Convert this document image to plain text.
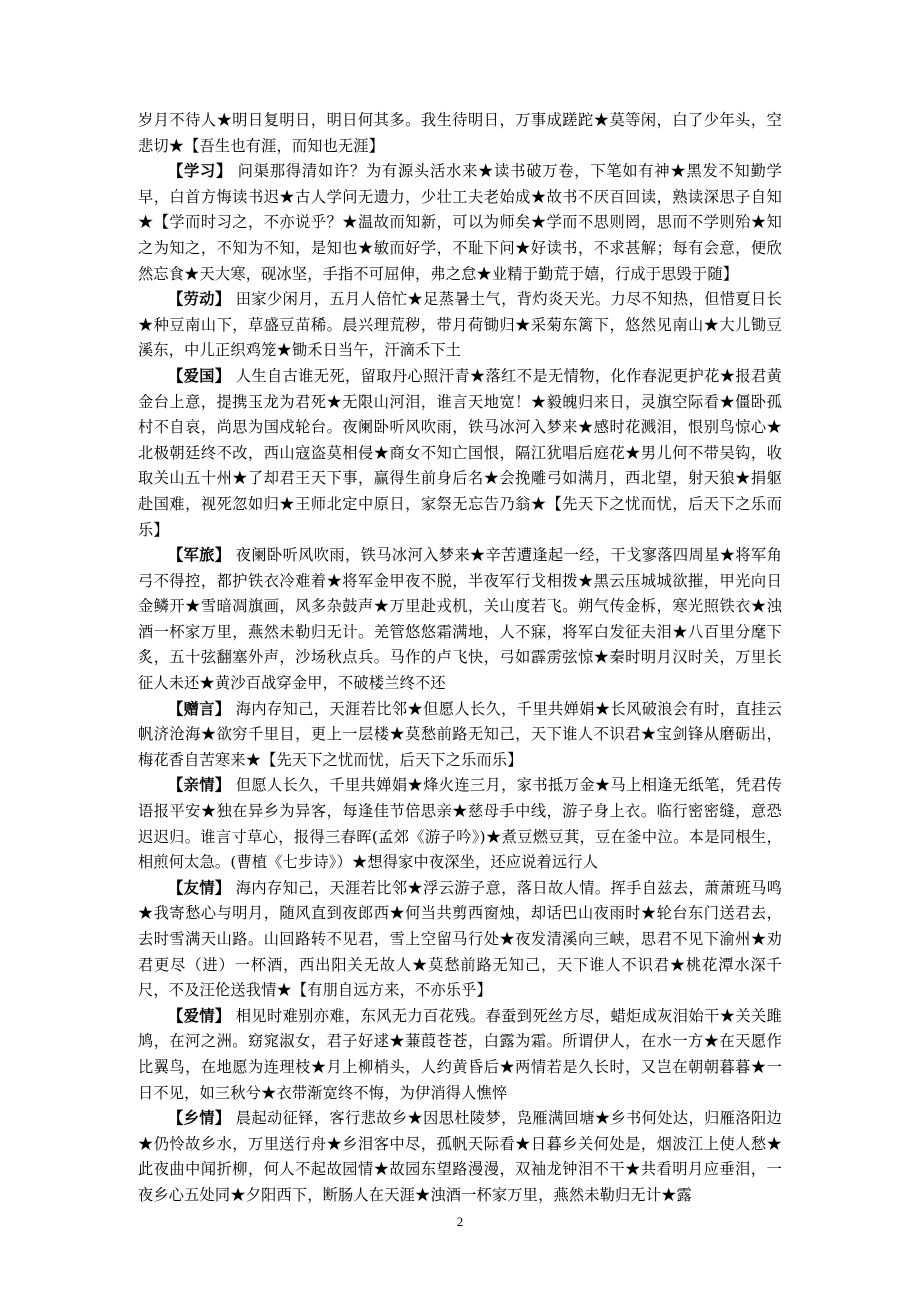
岁月不待人★明日复明日，明日何其多。我生待明日，万事成蹉跎★莫等闲，白了少年头，空悲切★【吾生也有涯，而知也无涯】

【学习】 问渠那得清如许？为有源头活水来★读书破万卷，下笔如有神★黑发不知勤学早，白首方悔读书迟★古人学问无遗力，少壮工夫老始成★故书不厌百回读，熟读深思子自知★【学而时习之，不亦说乎？★温故而知新，可以为师矣★学而不思则罔，思而不学则殆★知之为知之，不知为不知，是知也★敏而好学，不耻下问★好读书，不求甚解；每有会意，便欣然忘食★天大寒，砚冰坚，手指不可屈伸，弗之怠★业精于勤荒于嬉，行成于思毁于随】

【劳动】 田家少闲月，五月人倍忙★足蒸暑土气，背灼炎天光。力尽不知热，但惜夏日长★种豆南山下，草盛豆苗稀。晨兴理荒秽，带月荷锄归★采菊东篱下，悠然见南山★大儿锄豆溪东，中儿正织鸡笼★锄禾日当午，汗滴禾下土

【爱国】 人生自古谁无死，留取丹心照汗青★落红不是无情物，化作春泥更护花★报君黄金台上意，提携玉龙为君死★无限山河泪，谁言天地宽！★毅魄归来日，灵旗空际看★僵卧孤村不自哀，尚思为国戍轮台。夜阑卧听风吹雨，铁马冰河入梦来★感时花溅泪，恨别鸟惊心★北极朝廷终不改，西山寇盗莫相侵★商女不知亡国恨，隔江犹唱后庭花★男儿何不带吴钩，收取关山五十州★了却君王天下事，赢得生前身后名★会挽雕弓如满月，西北望，射天狼★捐躯赴国难，视死忽如归★王师北定中原日，家祭无忘告乃翁★【先天下之忧而忧，后天下之乐而乐】

【军旅】 夜阑卧听风吹雨，铁马冰河入梦来★辛苦遭逢起一经，干戈寥落四周星★将军角弓不得控，都护铁衣冷难着★将军金甲夜不脱，半夜军行戈相拨★黑云压城城欲摧，甲光向日金鳞开★雪暗凋旗画，风多杂鼓声★万里赴戎机，关山度若飞。朔气传金柝，寒光照铁衣★浊酒一杯家万里，燕然未勒归无计。羌管悠悠霜满地，人不寐，将军白发征夫泪★八百里分麾下炙，五十弦翻塞外声，沙场秋点兵。马作的卢飞快，弓如霹雳弦惊★秦时明月汉时关，万里长征人未还★黄沙百战穿金甲，不破楼兰终不还

【赠言】 海内存知己，天涯若比邻★但愿人长久，千里共婵娟★长风破浪会有时，直挂云帆济沧海★欲穷千里目，更上一层楼★莫愁前路无知己，天下谁人不识君★宝剑锋从磨砺出，梅花香自苦寒来★【先天下之忧而忧，后天下之乐而乐】

【亲情】 但愿人长久，千里共婵娟★烽火连三月，家书抵万金★马上相逢无纸笔，凭君传语报平安★独在异乡为异客，每逢佳节倍思亲★慈母手中线，游子身上衣。临行密密缝，意恐迟迟归。谁言寸草心，报得三春晖(孟郊《游子吟》)★煮豆燃豆萁，豆在釜中泣。本是同根生，相煎何太急。(曹植《七步诗》）★想得家中夜深坐，还应说着远行人

【友情】 海内存知己，天涯若比邻★浮云游子意，落日故人情。挥手自兹去，萧萧班马鸣★我寄愁心与明月，随风直到夜郎西★何当共剪西窗烛，却话巴山夜雨时★轮台东门送君去，去时雪满天山路。山回路转不见君，雪上空留马行处★夜发清溪向三峡，思君不见下渝州★劝君更尽（进）一杯酒，西出阳关无故人★莫愁前路无知己，天下谁人不识君★桃花潭水深千尺，不及汪伦送我情★【有朋自远方来，不亦乐乎】

【爱情】 相见时难别亦难，东风无力百花残。春蚕到死丝方尽，蜡炬成灰泪始干★关关雎鸠，在河之洲。窈窕淑女，君子好逑★蒹葭苍苍，白露为霜。所谓伊人，在水一方★在天愿作比翼鸟，在地愿为连理枝★月上柳梢头，人约黄昏后★两情若是久长时，又岂在朝朝暮暮★一日不见，如三秋兮★衣带渐宽终不悔，为伊消得人憔悴

【乡情】 晨起动征铎，客行悲故乡★因思杜陵梦，凫雁满回塘★乡书何处达，归雁洛阳边★仍怜故乡水，万里送行舟★乡泪客中尽，孤帆天际看★日暮乡关何处是，烟波江上使人愁★此夜曲中闻折柳，何人不起故园情★故园东望路漫漫，双袖龙钟泪不干★共看明月应垂泪，一夜乡心五处同★夕阳西下，断肠人在天涯★浊酒一杯家万里，燕然未勒归无计★露

2
